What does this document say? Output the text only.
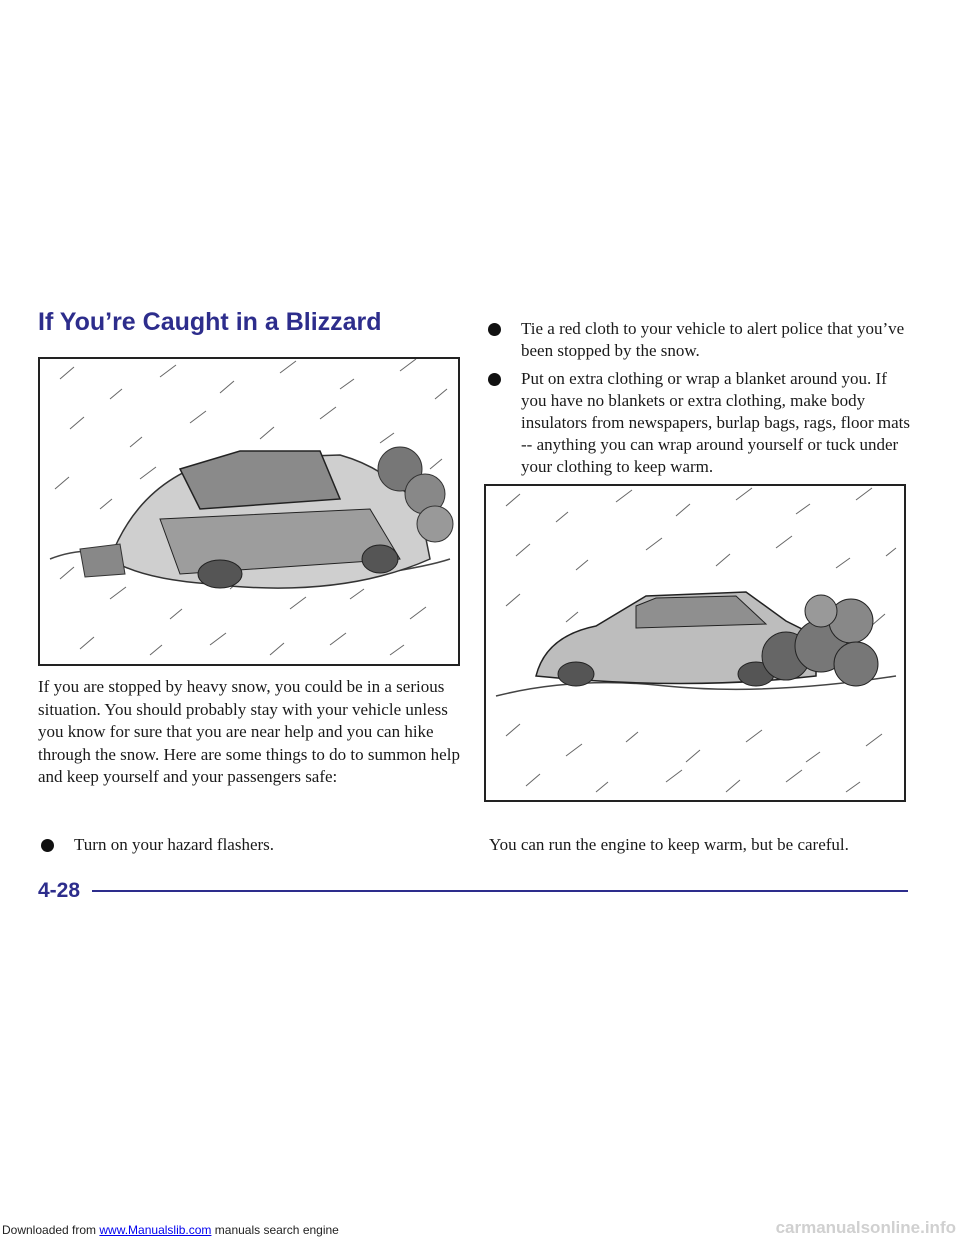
If You’re Caught in a Blizzard

If you are stopped by heavy snow, you could be in a serious situation. You should probably stay with your vehicle unless you know for sure that you are near help and you can hike through the snow. Here are some things to do to summon help and keep yourself and your passengers safe:

Turn on your hazard flashers.
Tie a red cloth to your vehicle to alert police that you’ve been stopped by the snow.
Put on extra clothing or wrap a blanket around you. If you have no blankets or extra clothing, make body insulators from newspapers, burlap bags, rags, floor mats -- anything you can wrap around yourself or tuck under your clothing to keep warm.

You can run the engine to keep warm, but be careful.

4-28
Downloaded from www.Manualslib.com manuals search engine	carmanualsonline.info
